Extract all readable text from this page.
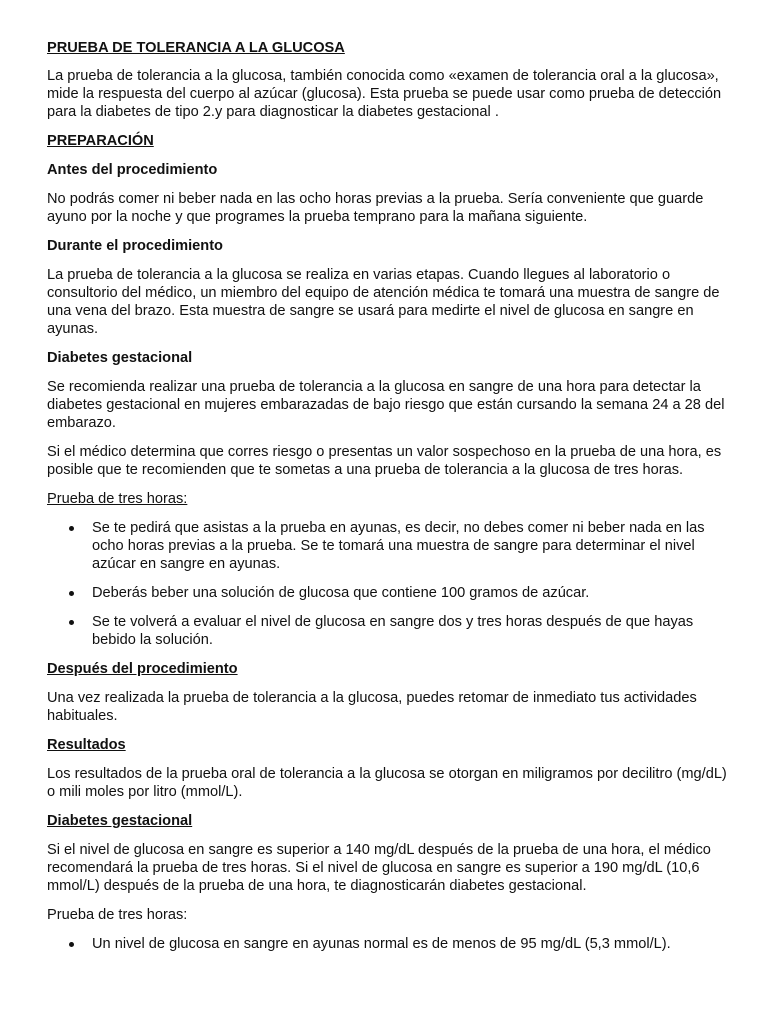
PRUEBA DE TOLERANCIA A LA GLUCOSA

La prueba de tolerancia a la glucosa, también conocida como «examen de tolerancia oral a la glucosa», mide la respuesta del cuerpo al azúcar (glucosa). Esta prueba se puede usar como prueba de detección para la diabetes de tipo 2.y para diagnosticar la diabetes gestacional .

PREPARACIÓN

Antes del procedimiento

No podrás comer ni beber nada en las ocho horas previas a la prueba. Sería conveniente que guarde ayuno por la noche y que programes la prueba temprano para la mañana siguiente.

Durante el procedimiento

La prueba de tolerancia a la glucosa se realiza en varias etapas. Cuando llegues al laboratorio o consultorio del médico, un miembro del equipo de atención médica te tomará una muestra de sangre de una vena del brazo. Esta muestra de sangre se usará para medirte el nivel de glucosa en sangre en ayunas.

Diabetes gestacional

Se recomienda realizar una prueba de tolerancia a la glucosa en sangre de una hora para detectar la diabetes gestacional en mujeres embarazadas de bajo riesgo que están cursando la semana 24 a 28 del embarazo.

Si el médico determina que corres riesgo o presentas un valor sospechoso en la prueba de una hora, es posible que te recomienden que te sometas a una prueba de tolerancia a la glucosa de tres horas.

Prueba de tres horas:

Se te pedirá que asistas a la prueba en ayunas, es decir, no debes comer ni beber nada en las ocho horas previas a la prueba. Se te tomará una muestra de sangre para determinar el nivel azúcar en sangre en ayunas.
Deberás beber una solución de glucosa que contiene 100 gramos de azúcar.
Se te volverá a evaluar el nivel de glucosa en sangre dos y tres horas después de que hayas bebido la solución.

Después del procedimiento

Una vez realizada la prueba de tolerancia a la glucosa, puedes retomar de inmediato tus actividades habituales.

Resultados

Los resultados de la prueba oral de tolerancia a la glucosa se otorgan en miligramos por decilitro (mg/dL) o mili moles por litro (mmol/L).

Diabetes gestacional

Si el nivel de glucosa en sangre es superior a 140 mg/dL después de la prueba de una hora, el médico recomendará la prueba de tres horas. Si el nivel de glucosa en sangre es superior a 190 mg/dL (10,6 mmol/L) después de la prueba de una hora, te diagnosticarán diabetes gestacional.

Prueba de tres horas:

Un nivel de glucosa en sangre en ayunas normal es de menos de 95 mg/dL (5,3 mmol/L).
